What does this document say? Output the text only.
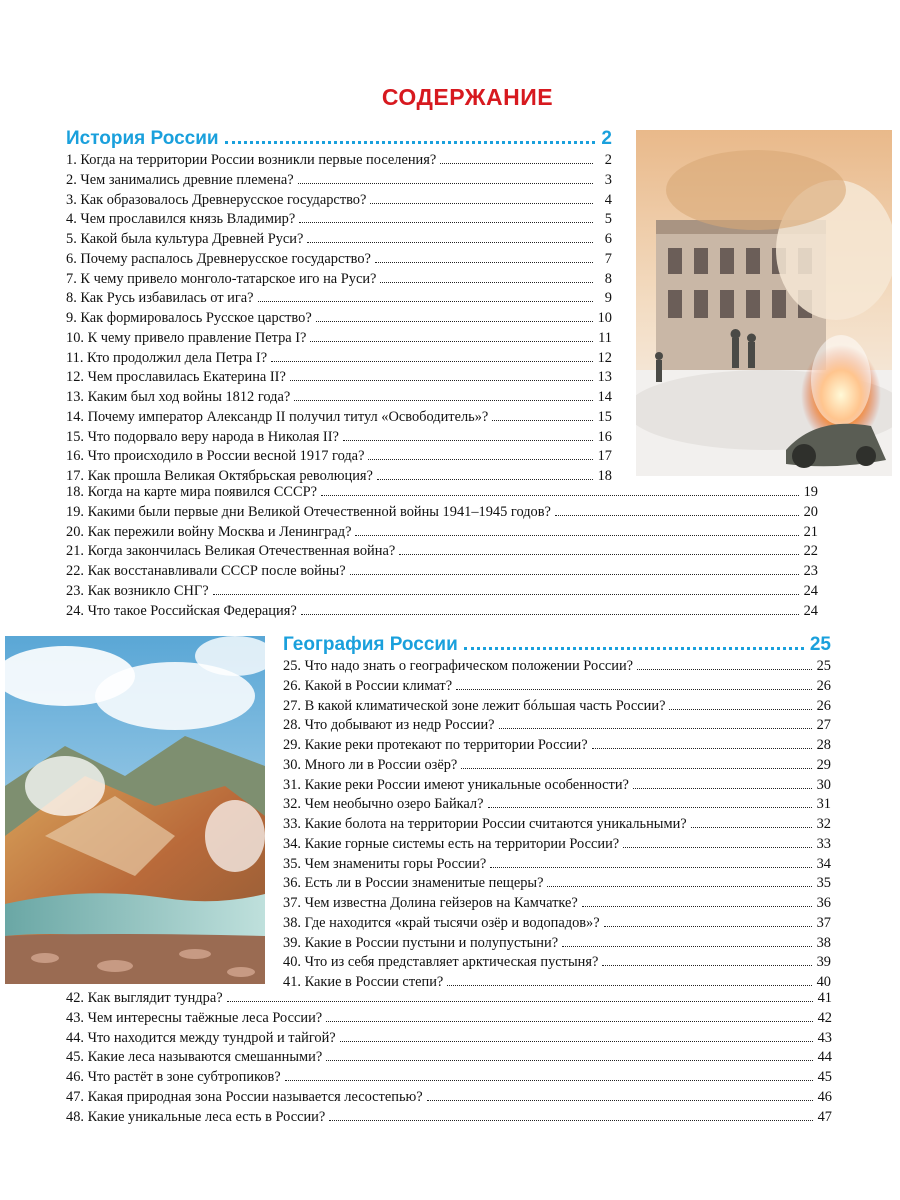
СОДЕРЖАНИЕ
История России	2
1. Когда на территории России возникли первые поселения?	2
2. Чем занимались древние племена?	3
3. Как образовалось Древнерусское государство?	4
4. Чем прославился князь Владимир?	5
5. Какой была культура Древней Руси?	6
6. Почему распалось Древнерусское государство?	7
7. К чему привело монголо-татарское иго на Руси?	8
8. Как Русь избавилась от ига?	9
9. Как формировалось Русское царство?	10
10. К чему привело правление Петра I?	11
11. Кто продолжил дела Петра I?	12
12. Чем прославилась Екатерина II?	13
13. Каким был ход войны 1812 года?	14
14. Почему император Александр II получил титул «Освободитель»?	15
15. Что подорвало веру народа в Николая II?	16
16. Что происходило в России весной 1917 года?	17
17. Как прошла Великая Октябрьская революция?	18
18. Когда на карте мира появился СССР?	19
19. Какими были первые дни Великой Отечественной войны 1941–1945 годов?	20
20. Как пережили войну Москва и Ленинград?	21
21. Когда закончилась Великая Отечественная война?	22
22. Как восстанавливали СССР после войны?	23
23. Как возникло СНГ?	24
24. Что такое Российская Федерация?	24
География России	25
25. Что надо знать о географическом положении России?	25
26. Какой в России климат?	26
27. В какой климатической зоне лежит бóльшая часть России?	26
28. Что добывают из недр России?	27
29. Какие реки протекают по территории России?	28
30. Много ли в России озёр?	29
31. Какие реки России имеют уникальные особенности?	30
32. Чем необычно озеро Байкал?	31
33. Какие болота на территории России считаются уникальными?	32
34. Какие горные системы есть на территории России?	33
35. Чем знамениты горы России?	34
36. Есть ли в России знаменитые пещеры?	35
37. Чем известна Долина гейзеров на Камчатке?	36
38. Где находится «край тысячи озёр и водопадов»?	37
39. Какие в России пустыни и полупустыни?	38
40. Что из себя представляет арктическая пустыня?	39
41. Какие в России степи?	40
42. Как выглядит тундра?	41
43. Чем интересны таёжные леса России?	42
44. Что находится между тундрой и тайгой?	43
45. Какие леса называются смешанными?	44
46. Что растёт в зоне субтропиков?	45
47. Какая природная зона России называется лесостепью?	46
48. Какие уникальные леса есть в России?	47
